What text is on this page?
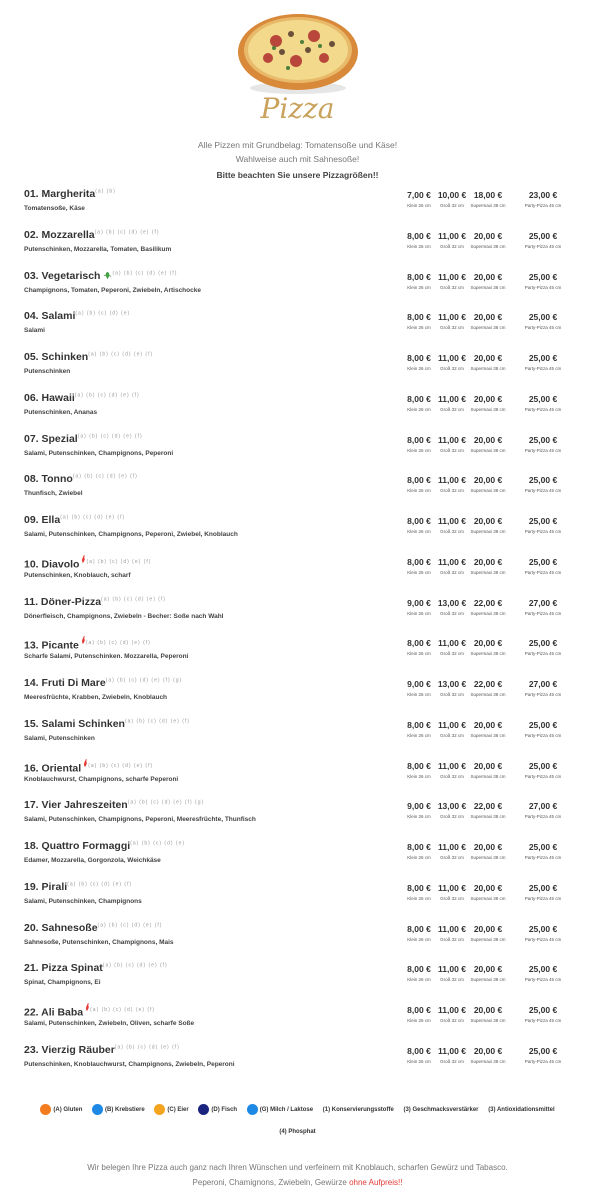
Pizza
Alle Pizzen mit Grundbelag: Tomatensoße und Käse!
Wahlweise auch mit Sahnesoße!
Bitte beachten Sie unsere Pizzagrößen!!
01. Margherita$^{(a) (b)}$
Tomatensoße, Käse
7,00 €
Klein 26 cm
10,00 €
Groß 32 cm
18,00 €
Supermaxi 38 cm
23,00 €
Party-Pizza 45 cm
02. Mozzarella$^{(a) (b) (c) (d) (e) (f)}$
Putenschinken, Mozzarella, Tomaten, Basilikum
8,00 €
Klein 26 cm
11,00 €
Groß 32 cm
20,00 €
Supermaxi 38 cm
25,00 €
Party-Pizza 45 cm
03. Vegetarisch $^{(a) (b) (c) (d) (e) (f)}$
Champignons, Tomaten, Peperoni, Zwiebeln, Artischocke
8,00 €
Klein 26 cm
11,00 €
Groß 32 cm
20,00 €
Supermaxi 38 cm
25,00 €
Party-Pizza 45 cm
04. Salami$^{(a) (b) (c) (d) (e)}$
Salami
8,00 €
Klein 26 cm
11,00 €
Groß 32 cm
20,00 €
Supermaxi 38 cm
25,00 €
Party-Pizza 45 cm
05. Schinken$^{(a) (b) (c) (d) (e) (f)}$
Putenschinken
8,00 €
Klein 26 cm
11,00 €
Groß 32 cm
20,00 €
Supermaxi 38 cm
25,00 €
Party-Pizza 45 cm
06. Hawaii$^{(a) (b) (c) (d) (e) (f)}$
Putenschinken, Ananas
8,00 €
Klein 26 cm
11,00 €
Groß 32 cm
20,00 €
Supermaxi 38 cm
25,00 €
Party-Pizza 45 cm
07. Spezial$^{(a) (b) (c) (d) (e) (f)}$
Salami, Putenschinken, Champignons, Peperoni
8,00 €
Klein 26 cm
11,00 €
Groß 32 cm
20,00 €
Supermaxi 38 cm
25,00 €
Party-Pizza 45 cm
08. Tonno$^{(a) (b) (c) (d) (e) (f)}$
Thunfisch, Zwiebel
8,00 €
Klein 26 cm
11,00 €
Groß 32 cm
20,00 €
Supermaxi 38 cm
25,00 €
Party-Pizza 45 cm
09. Ella$^{(a) (b) (c) (d) (e) (f)}$
Salami, Putenschinken, Champignons, Peperoni, Zwiebel, Knoblauch
8,00 €
Klein 26 cm
11,00 €
Groß 32 cm
20,00 €
Supermaxi 38 cm
25,00 €
Party-Pizza 45 cm
10. Diavolo $^{(a) (b) (c) (d) (e) (f)}$
Putenschinken, Knoblauch, scharf
8,00 €
Klein 26 cm
11,00 €
Groß 32 cm
20,00 €
Supermaxi 38 cm
25,00 €
Party-Pizza 45 cm
11. Döner-Pizza$^{(a) (b) (c) (d) (e) (f)}$
Dönerfleisch, Champignons, Zwiebeln - Becher: Soße nach Wahl
9,00 €
Klein 26 cm
13,00 €
Groß 32 cm
22,00 €
Supermaxi 38 cm
27,00 €
Party-Pizza 45 cm
13. Picante $^{(a) (b) (c) (d) (e) (f)}$
Scharfe Salami, Putenschinken. Mozzarella, Peperoni
8,00 €
Klein 26 cm
11,00 €
Groß 32 cm
20,00 €
Supermaxi 38 cm
25,00 €
Party-Pizza 45 cm
14. Fruti Di Mare$^{(a) (b) (c) (d) (e) (f) (g)}$
Meeresfrüchte, Krabben, Zwiebeln, Knoblauch
9,00 €
Klein 26 cm
13,00 €
Groß 32 cm
22,00 €
Supermaxi 38 cm
27,00 €
Party-Pizza 45 cm
15. Salami Schinken$^{(a) (b) (c) (d) (e) (f)}$
Salami, Putenschinken
8,00 €
Klein 26 cm
11,00 €
Groß 32 cm
20,00 €
Supermaxi 38 cm
25,00 €
Party-Pizza 45 cm
16. Oriental $^{(a) (b) (c) (d) (e) (f)}$
Knoblauchwurst, Champignons, scharfe Peperoni
8,00 €
Klein 26 cm
11,00 €
Groß 32 cm
20,00 €
Supermaxi 38 cm
25,00 €
Party-Pizza 45 cm
17. Vier Jahreszeiten$^{(a) (b) (c) (d) (e) (f) (g)}$
Salami, Putenschinken, Champignons, Peperoni, Meeresfrüchte, Thunfisch
9,00 €
Klein 26 cm
13,00 €
Groß 32 cm
22,00 €
Supermaxi 38 cm
27,00 €
Party-Pizza 45 cm
18. Quattro Formaggi$^{(a) (b) (c) (d) (e)}$
Edamer, Mozzarella, Gorgonzola, Weichkäse
8,00 €
Klein 26 cm
11,00 €
Groß 32 cm
20,00 €
Supermaxi 38 cm
25,00 €
Party-Pizza 45 cm
19. Pirali$^{(a) (b) (c) (d) (e) (f)}$
Salami, Putenschinken, Champignons
8,00 €
Klein 26 cm
11,00 €
Groß 32 cm
20,00 €
Supermaxi 38 cm
25,00 €
Party-Pizza 45 cm
20. Sahnesoße$^{(a) (b) (c) (d) (e) (f)}$
Sahnesoße, Putenschinken, Champignons, Mais
8,00 €
Klein 26 cm
11,00 €
Groß 32 cm
20,00 €
Supermaxi 38 cm
25,00 €
Party-Pizza 45 cm
21. Pizza Spinat$^{(a) (b) (c) (d) (e) (f)}$
Spinat, Champignons, Ei
8,00 €
Klein 26 cm
11,00 €
Groß 32 cm
20,00 €
Supermaxi 38 cm
25,00 €
Party-Pizza 45 cm
22. Ali Baba $^{(a) (b) (c) (d) (e) (f)}$
Salami, Putenschinken, Zwiebeln, Oliven, scharfe Soße
8,00 €
Klein 26 cm
11,00 €
Groß 32 cm
20,00 €
Supermaxi 38 cm
25,00 €
Party-Pizza 45 cm
23. Vierzig Räuber$^{(a) (b) (c) (d) (e) (f)}$
Putenschinken, Knoblauchwurst, Champignons, Zwiebeln, Peperoni
8,00 €
Klein 26 cm
11,00 €
Groß 32 cm
20,00 €
Supermaxi 38 cm
25,00 €
Party-Pizza 45 cm
(A) Gluten	(B) Krebstiere	(C) Eier	(D) Fisch	(G) Milch / Laktose (1) Konservierungsstoffe (3) Geschmacksverstärker (3) Antioxidationsmittel
(4) Phosphat
Wir belegen Ihre Pizza auch ganz nach Ihren Wünschen und verfeinern mit Knoblauch, scharfen Gewürz und Tabasco.
Peperoni, Chamignons, Zwiebeln, Gewürze ohne Aufpreis!!
